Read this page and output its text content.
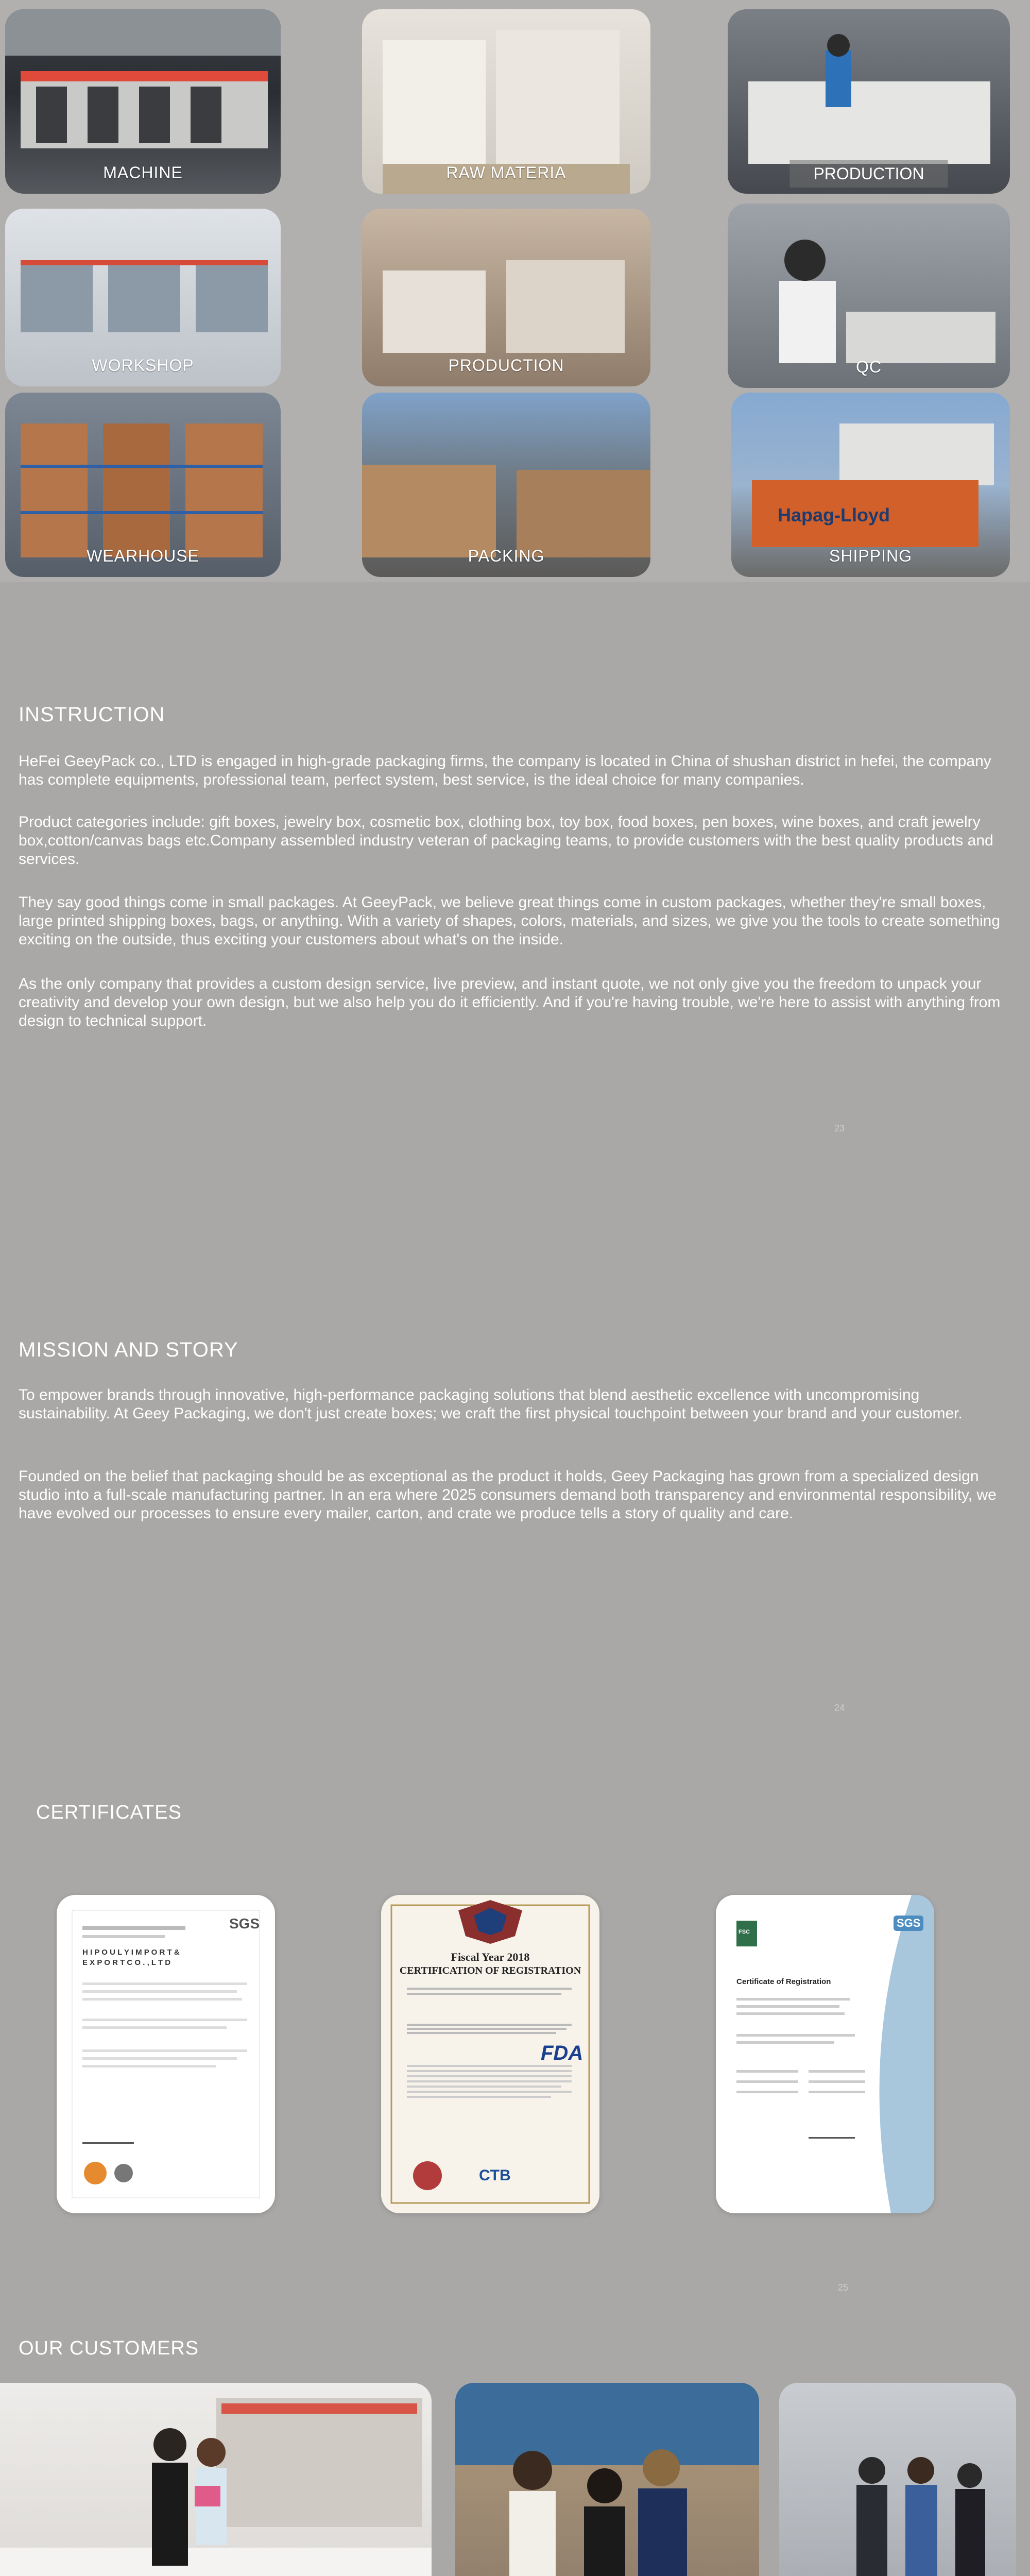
MACHINE	RAW MATERIA	PRODUCTION
WORKSHOP	PRODUCTION	QC
WEARHOUSE	PACKING
Hapag-Lloyd
SHIPPING
INSTRUCTION
HeFei GeeyPack co., LTD is engaged in high-grade packaging firms, the company is located in China of shushan district in hefei, the company has complete equipments, professional team, perfect system, best service, is the ideal choice for many companies.
Product categories include: gift boxes, jewelry box, cosmetic box, clothing box, toy box, food boxes, pen boxes, wine boxes, and craft jewelry box,cotton/canvas bags etc.Company assembled industry veteran of packaging teams, to provide customers with the best quality products and services.
They say good things come in small packages. At GeeyPack, we believe great things come in custom packages, whether they're small boxes, large printed shipping boxes, bags, or anything. With a variety of shapes, colors, materials, and sizes, we give you the tools to create something exciting on the outside, thus exciting your customers about what's on the inside.
As the only company that provides a custom design service, live preview, and instant quote, we not only give you the freedom to unpack your creativity and develop your own design, but we also help you do it efficiently. And if you're having trouble, we're here to assist with anything from design to technical support.
23
MISSION AND STORY
To empower brands through innovative, high-performance packaging solutions that blend aesthetic excellence with uncompromising sustainability. At Geey Packaging, we don't just create boxes; we craft the first physical touchpoint between your brand and your customer.
Founded on the belief that packaging should be as exceptional as the product it holds, Geey Packaging has grown from a specialized design studio into a full-scale manufacturing partner. In an era where 2025 consumers demand both transparency and environmental responsibility, we have evolved our processes to ensure every mailer, carton, and crate we produce tells a story of quality and care.
24
CERTIFICATES
SGS
H I P O U L Y I M P O R T &
E X P O R T C O . , L T D	Fiscal Year 2018
CERTIFICATION OF REGISTRATION
FDA
CTB
FSC
SGS
Certificate of Registration
25
OUR CUSTOMERS
